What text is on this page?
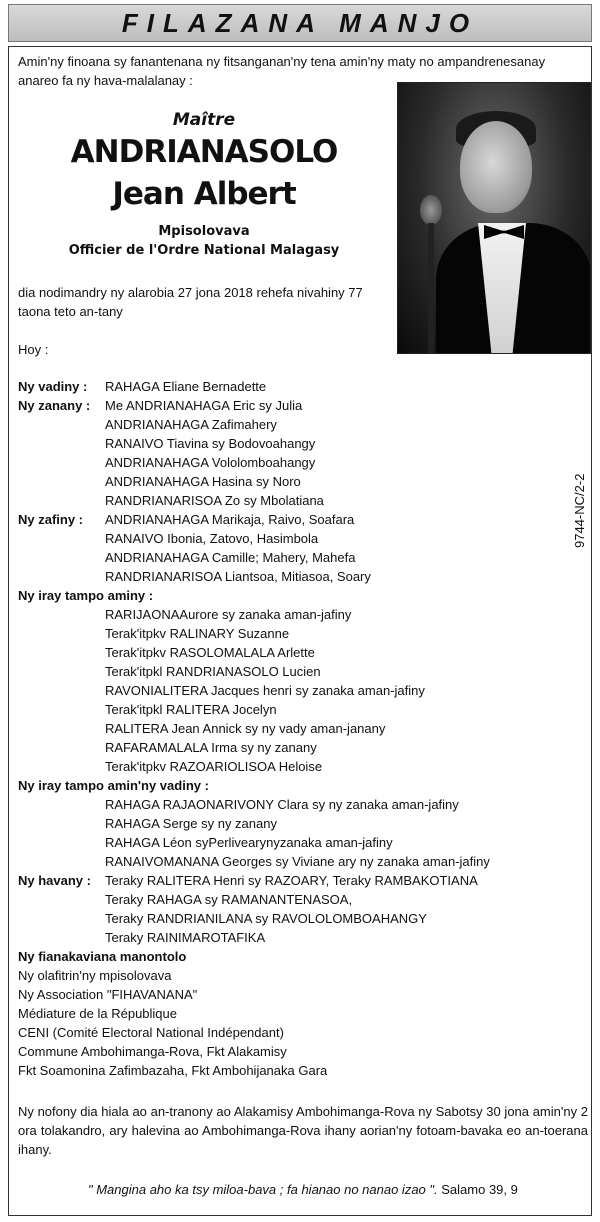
FILAZANA MANJO
Amin'ny finoana sy fanantenana ny fitsanganan'ny tena amin'ny maty no ampandrenesanay anareo fa ny hava-malalanay :
Maître
ANDRIANASOLO
Jean Albert
Mpisolovava
Officier de l'Ordre National Malagasy
dia nodimandry ny alarobia 27 jona 2018 rehefa nivahiny 77 taona teto an-tany
Hoy :
Ny vadiny : RAHAGA Eliane Bernadette
Ny zanany : Me ANDRIANAHAGA Eric sy Julia
ANDRIANAHAGA Zafimahery
RANAIVO Tiavina sy Bodovoahangy
ANDRIANAHAGA Vololomboahangy
ANDRIANAHAGA Hasina sy Noro
RANDRIANARISOA Zo sy Mbolatiana
Ny zafiny : ANDRIANAHAGA Marikaja, Raivo, Soafara
RANAIVO Ibonia, Zatovo, Hasimbola
ANDRIANAHAGA Camille; Mahery, Mahefa
RANDRIANARISOA Liantsoa, Mitiasoa, Soary
Ny iray tampo aminy :
RARIJAONAAurore sy zanaka aman-jafiny
Terak'itpkv RALINARY Suzanne
Terak'itpkv RASOLOMALALA Arlette
Terak'itpkl RANDRIANASOLO Lucien
RAVONIALITERA Jacques henri sy zanaka aman-jafiny
Terak'itpkl RALITERA Jocelyn
RALITERA Jean Annick sy ny vady aman-janany
RAFARAMALALA Irma sy ny zanany
Terak'itpkv RAZOARIOLISOA Heloise
Ny iray tampo amin'ny vadiny :
RAHAGA RAJAONARIVONY Clara sy ny zanaka aman-jafiny
RAHAGA Serge sy ny zanany
RAHAGA Léon syPerlivearynyzanaka aman-jafiny
RANAIVOMANANA Georges sy Viviane ary ny zanaka aman-jafiny
Ny havany : Teraky RALITERA Henri sy RAZOARY, Teraky RAMBAKOTIANA
Teraky RAHAGA sy RAMANANTENASOA,
Teraky RANDRIANILANA sy RAVOLOLOMBOAHANGY
Teraky RAINIMAROTAFIKA
Ny fianakaviana manontolo
Ny olafitrin'ny mpisolovava
Ny Association "FIHAVANANA"
Médiature de la République
CENI (Comité Electoral National Indépendant)
Commune Ambohimanga-Rova, Fkt Alakamisy
Fkt Soamonina Zafimbazaha, Fkt Ambohijanaka Gara
Ny nofony dia hiala ao an-tranony ao Alakamisy Ambohimanga-Rova ny Sabotsy 30 jona amin'ny 2 ora tolakandro, ary halevina ao Ambohimanga-Rova ihany aorian'ny fotoam-bavaka eo an-toerana ihany.
" Mangina aho ka tsy miloa-bava ; fa hianao no nanao izao ". Salamo 39, 9
9744-NC/2-2
